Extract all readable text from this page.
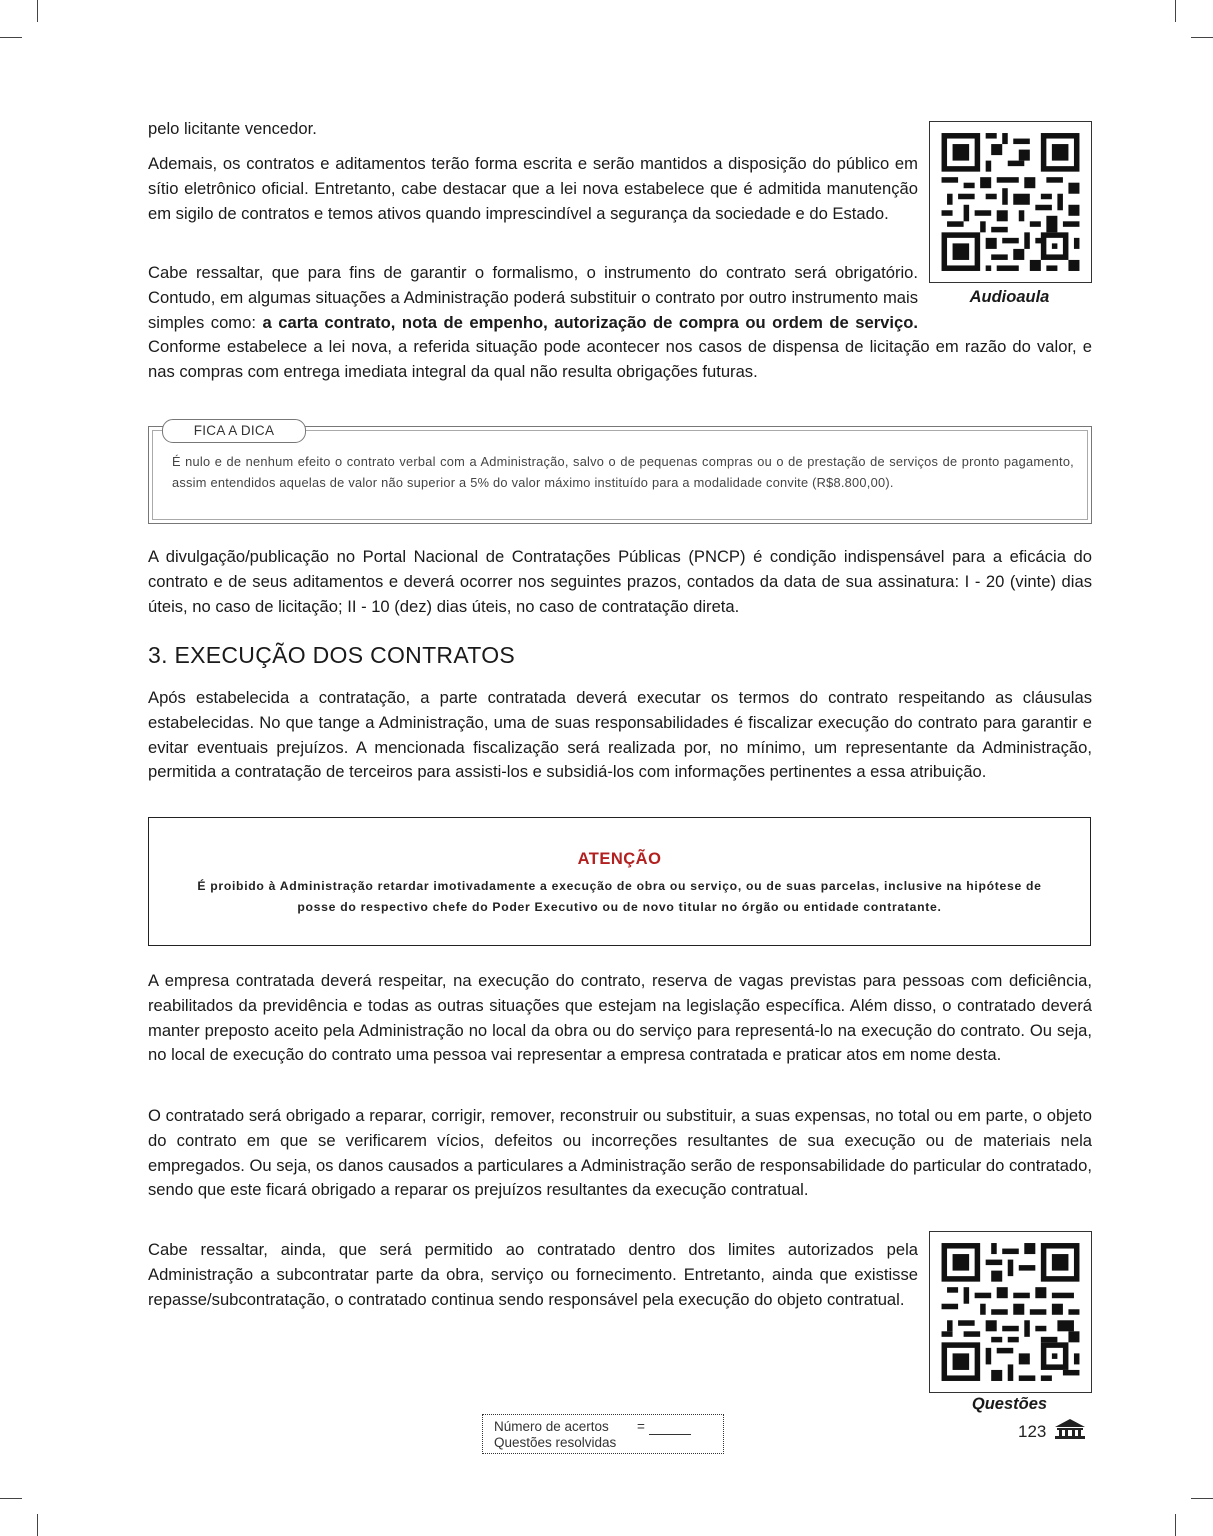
pelo licitante vencedor.

Ademais, os contratos e aditamentos terão forma escrita e serão mantidos a disposição do público em sítio eletrônico oficial. Entretanto, cabe destacar que a lei nova estabelece que é admitida manutenção em sigilo de contratos e temos ativos quando imprescindível a segurança da sociedade e do Estado.

Cabe ressaltar, que para fins de garantir o formalismo, o instrumento do contrato será obrigatório. Contudo, em algumas situações a Administração poderá substituir o contrato por outro instrumento mais simples como: a carta contrato, nota de empenho, autorização de compra ou ordem de serviço. Conforme estabelece a lei nova, a referida situação pode acontecer nos casos de dispensa de licitação em razão do valor, e nas compras com entrega imediata integral da qual não resulta obrigações futuras.

Audioaula
FICA A DICA
É nulo e de nenhum efeito o contrato verbal com a Administração, salvo o de pequenas compras ou o de prestação de serviços de pronto pagamento, assim entendidos aquelas de valor não superior a 5% do valor máximo instituído para a modalidade convite (R$8.800,00).

A divulgação/publicação no Portal Nacional de Contratações Públicas (PNCP) é condição indispensável para a eficácia do contrato e de seus aditamentos e deverá ocorrer nos seguintes prazos, contados da data de sua assinatura: I - 20 (vinte) dias úteis, no caso de licitação; II - 10 (dez) dias úteis, no caso de contratação direta.

3. EXECUÇÃO DOS CONTRATOS

Após estabelecida a contratação, a parte contratada deverá executar os termos do contrato respeitando as cláusulas estabelecidas. No que tange a Administração, uma de suas responsabilidades é fiscalizar execução do contrato para garantir e evitar eventuais prejuízos. A mencionada fiscalização será realizada por, no mínimo, um representante da Administração, permitida a contratação de terceiros para assisti-los e subsidiá-los com informações pertinentes a essa atribuição.

ATENÇÃO
É proibido à Administração retardar imotivadamente a execução de obra ou serviço, ou de suas parcelas, inclusive na hipótese de posse do respectivo chefe do Poder Executivo ou de novo titular no órgão ou entidade contratante.

A empresa contratada deverá respeitar, na execução do contrato, reserva de vagas previstas para pessoas com deficiência, reabilitados da previdência e todas as outras situações que estejam na legislação específica. Além disso, o contratado deverá manter preposto aceito pela Administração no local da obra ou do serviço para representá-lo na execução do contrato. Ou seja, no local de execução do contrato uma pessoa vai representar a empresa contratada e praticar atos em nome desta.

O contratado será obrigado a reparar, corrigir, remover, reconstruir ou substituir, a suas expensas, no total ou em parte, o objeto do contrato em que se verificarem vícios, defeitos ou incorreções resultantes de sua execução ou de materiais nela empregados. Ou seja, os danos causados a particulares a Administração serão de responsabilidade do particular do contratado, sendo que este ficará obrigado a reparar os prejuízos resultantes da execução contratual.

Cabe ressaltar, ainda, que será permitido ao contratado dentro dos limites autorizados pela Administração a subcontratar parte da obra, serviço ou fornecimento. Entretanto, ainda que existisse repasse/subcontratação, o contratado continua sendo responsável pela execução do objeto contratual.

Questões
Número de acertos
Questões resolvidas
=	123
